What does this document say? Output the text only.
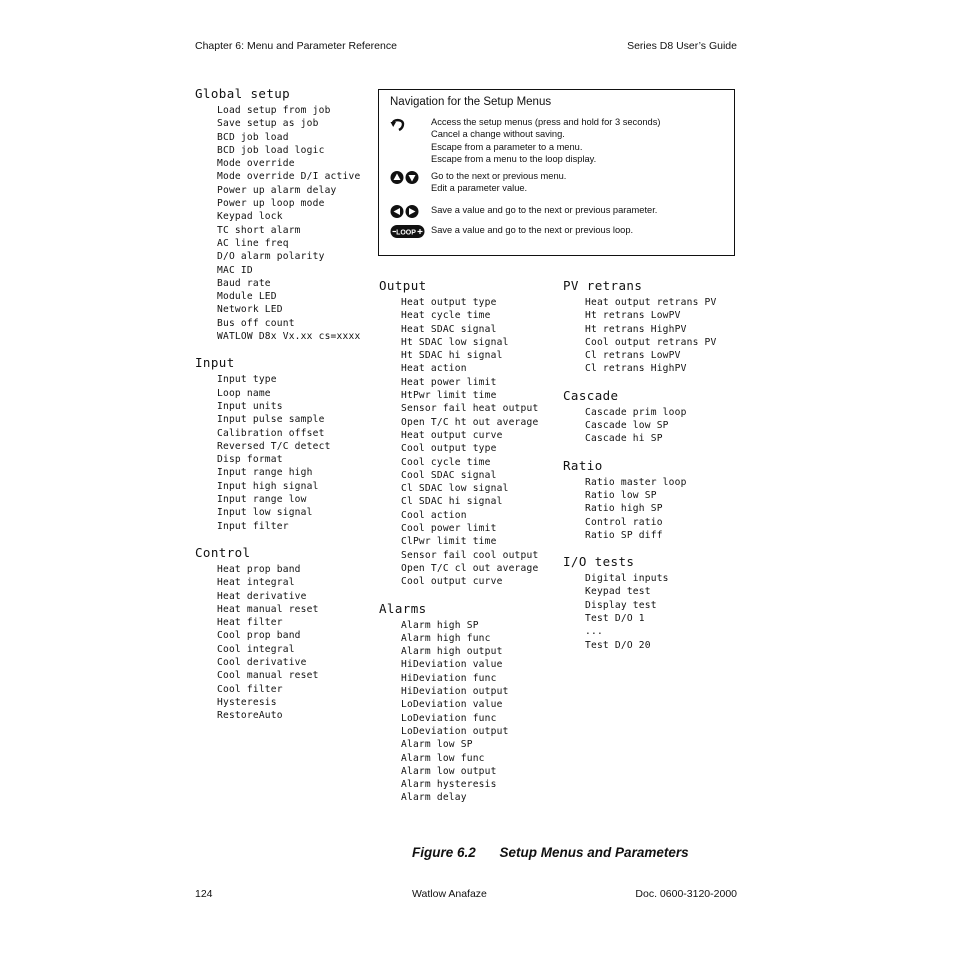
Chapter 6: Menu and Parameter Reference	Series D8 User’s Guide
Global setup
Load setup from job
Save setup as job
BCD job load
BCD job load logic
Mode override
Mode override D/I active
Power up alarm delay
Power up loop mode
Keypad lock
TC short alarm
AC line freq
D/O alarm polarity
MAC ID
Baud rate
Module LED
Network LED
Bus off count
WATLOW D8x Vx.xx cs=xxxx
Input
Input type
Loop name
Input units
Input pulse sample
Calibration offset
Reversed T/C detect
Disp format
Input range high
Input high signal
Input range low
Input low signal
Input filter
Control
Heat prop band
Heat integral
Heat derivative
Heat manual reset
Heat filter
Cool prop band
Cool integral
Cool derivative
Cool manual reset
Cool filter
Hysteresis
RestoreAuto
Navigation for the Setup Menus
Access the setup menus (press and hold for 3 seconds)
Cancel a change without saving.
Escape from a parameter to a menu.
Escape from a menu to the loop display.
Go to the next or previous menu.
Edit a parameter value.
Save a value and go to the next or previous parameter.
LOOP Save a value and go to the next or previous loop.
Output
Heat output type
Heat cycle time
Heat SDAC signal
Ht SDAC low signal
Ht SDAC hi signal
Heat action
Heat power limit
HtPwr limit time
Sensor fail heat output
Open T/C ht out average
Heat output curve
Cool output type
Cool cycle time
Cool SDAC signal
Cl SDAC low signal
Cl SDAC hi signal
Cool action
Cool power limit
ClPwr limit time
Sensor fail cool output
Open T/C cl out average
Cool output curve
Alarms
Alarm high SP
Alarm high func
Alarm high output
HiDeviation value
HiDeviation func
HiDeviation output
LoDeviation value
LoDeviation func
LoDeviation output
Alarm low SP
Alarm low func
Alarm low output
Alarm hysteresis
Alarm delay
PV retrans
Heat output retrans PV
Ht retrans LowPV
Ht retrans HighPV
Cool output retrans PV
Cl retrans LowPV
Cl retrans HighPV
Cascade
Cascade prim loop
Cascade low SP
Cascade hi SP
Ratio
Ratio master loop
Ratio low SP
Ratio high SP
Control ratio
Ratio SP diff
I/O tests
Digital inputs
Keypad test
Display test
Test D/O 1
...
Test D/O 20
Figure 6.2 Setup Menus and Parameters
124	Watlow Anafaze	Doc. 0600-3120-2000
